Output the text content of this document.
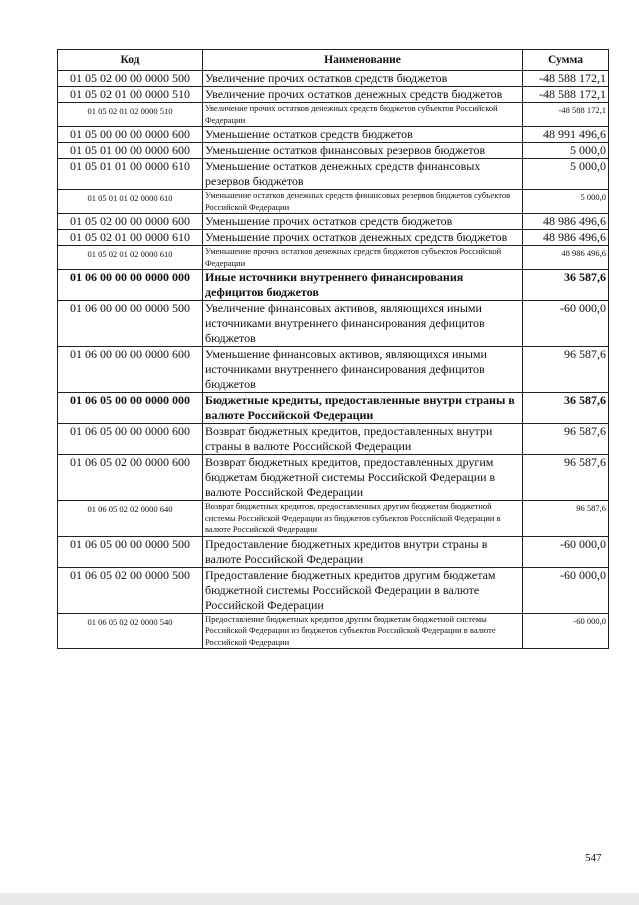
Код	Наименование	Сумма
01 05 02 00 00 0000 500	Увеличение прочих остатков средств бюджетов	-48 588 172,1
01 05 02 01 00 0000 510	Увеличение прочих остатков денежных средств бюджетов	-48 588 172,1
01 05 02 01 02 0000 510	Увеличение прочих остатков денежных средств бюджетов субъектов Российской Федерации	-48 588 172,1
01 05 00 00 00 0000 600	Уменьшение остатков средств бюджетов	48 991 496,6
01 05 01 00 00 0000 600	Уменьшение остатков финансовых резервов бюджетов	5 000,0
01 05 01 01 00 0000 610	Уменьшение остатков денежных средств финансовых резервов бюджетов	5 000,0
01 05 01 01 02 0000 610	Уменьшение остатков денежных средств финансовых резервов бюджетов субъектов Российской Федерации	5 000,0
01 05 02 00 00 0000 600	Уменьшение прочих остатков средств бюджетов	48 986 496,6
01 05 02 01 00 0000 610	Уменьшение прочих остатков денежных средств бюджетов	48 986 496,6
01 05 02 01 02 0000 610	Уменьшение прочих остатков денежных средств бюджетов субъектов Российской Федерации	48 986 496,6
01 06 00 00 00 0000 000	Иные источники внутреннего финансирования дефицитов бюджетов	36 587,6
01 06 00 00 00 0000 500	Увеличение финансовых активов, являющихся иными источниками внутреннего финансирования дефицитов бюджетов	-60 000,0
01 06 00 00 00 0000 600	Уменьшение финансовых активов, являющихся иными источниками внутреннего финансирования дефицитов бюджетов	96 587,6
01 06 05 00 00 0000 000	Бюджетные кредиты, предоставленные внутри страны в валюте Российской Федерации	36 587,6
01 06 05 00 00 0000 600	Возврат бюджетных кредитов, предоставленных внутри страны в валюте Российской Федерации	96 587,6
01 06 05 02 00 0000 600	Возврат бюджетных кредитов, предоставленных другим бюджетам бюджетной системы Российской Федерации в валюте Российской Федерации	96 587,6
01 06 05 02 02 0000 640	Возврат бюджетных кредитов, предоставленных другим бюджетам бюджетной системы Российской Федерации из бюджетов субъектов Российской Федерации в валюте Российской Федерации	96 587,6
01 06 05 00 00 0000 500	Предоставление бюджетных кредитов внутри страны в валюте Российской Федерации	-60 000,0
01 06 05 02 00 0000 500	Предоставление бюджетных кредитов другим бюджетам бюджетной системы Российской Федерации в валюте Российской Федерации	-60 000,0
01 06 05 02 02 0000 540	Предоставление бюджетных кредитов другим бюджетам бюджетной системы Российской Федерации из бюджетов субъектов Российской Федерации в валюте Российской Федерации	-60 000,0
547
